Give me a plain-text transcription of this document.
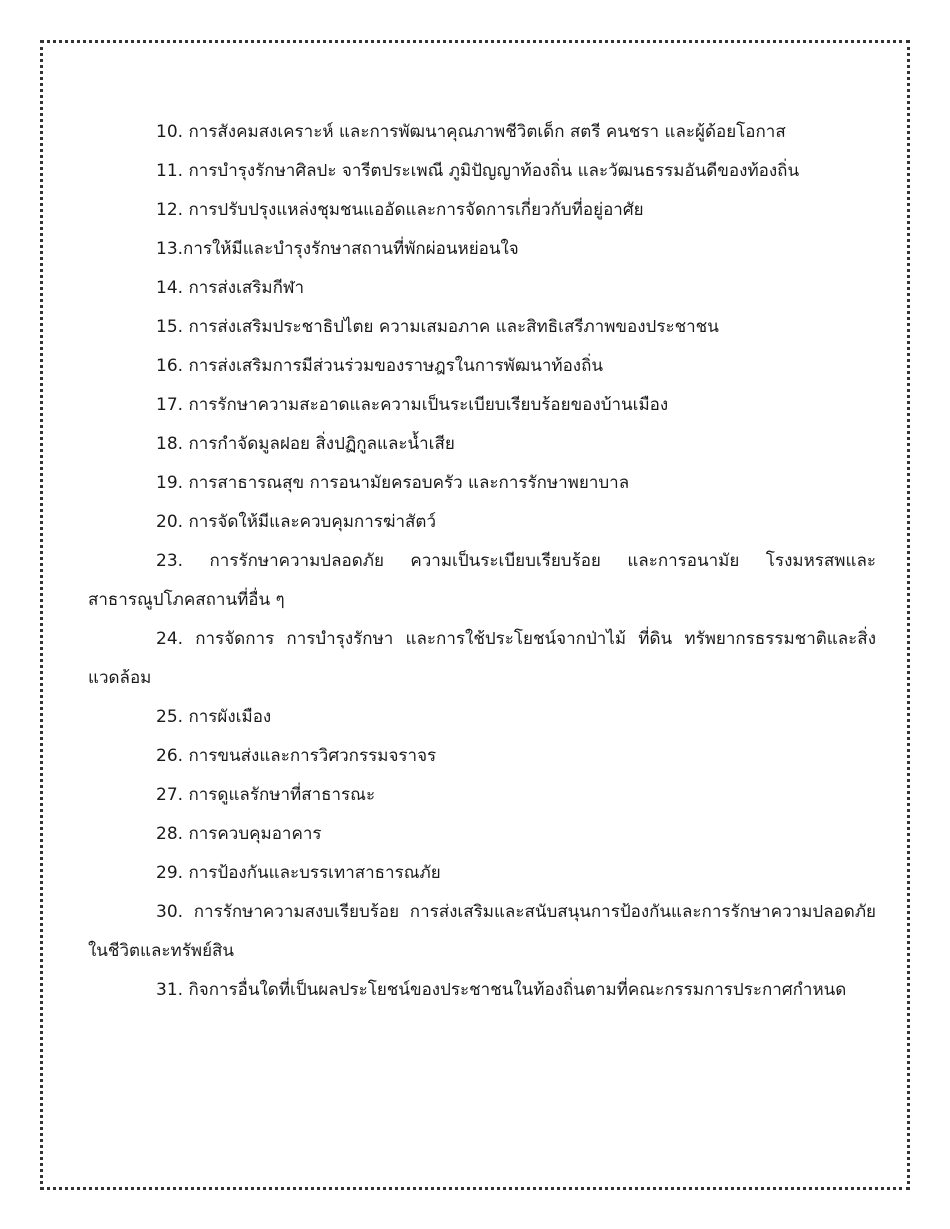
10. การสังคมสงเคราะห์ และการพัฒนาคุณภาพชีวิตเด็ก สตรี คนชรา และผู้ด้อยโอกาส

11. การบำรุงรักษาศิลปะ จารีตประเพณี ภูมิปัญญาท้องถิ่น และวัฒนธรรมอันดีของท้องถิ่น

12. การปรับปรุงแหล่งชุมชนแออัดและการจัดการเกี่ยวกับที่อยู่อาศัย

13.การให้มีและบำรุงรักษาสถานที่พักผ่อนหย่อนใจ

14. การส่งเสริมกีฬา

15. การส่งเสริมประชาธิปไตย ความเสมอภาค และสิทธิเสรีภาพของประชาชน

16. การส่งเสริมการมีส่วนร่วมของราษฎรในการพัฒนาท้องถิ่น

17. การรักษาความสะอาดและความเป็นระเบียบเรียบร้อยของบ้านเมือง

18. การกำจัดมูลฝอย สิ่งปฏิกูลและน้ำเสีย

19. การสาธารณสุข การอนามัยครอบครัว และการรักษาพยาบาล

20. การจัดให้มีและควบคุมการฆ่าสัตว์

23. การรักษาความปลอดภัย ความเป็นระเบียบเรียบร้อย และการอนามัย โรงมหรสพและสาธารณูปโภคสถานที่อื่น ๆ

24. การจัดการ การบำรุงรักษา และการใช้ประโยชน์จากป่าไม้ ที่ดิน ทรัพยากรธรรมชาติและสิ่งแวดล้อม

25. การผังเมือง

26. การขนส่งและการวิศวกรรมจราจร

27. การดูแลรักษาที่สาธารณะ

28. การควบคุมอาคาร

29. การป้องกันและบรรเทาสาธารณภัย

30. การรักษาความสงบเรียบร้อย การส่งเสริมและสนับสนุนการป้องกันและการรักษาความปลอดภัยในชีวิตและทรัพย์สิน

31. กิจการอื่นใดที่เป็นผลประโยชน์ของประชาชนในท้องถิ่นตามที่คณะกรรมการประกาศกำหนด
